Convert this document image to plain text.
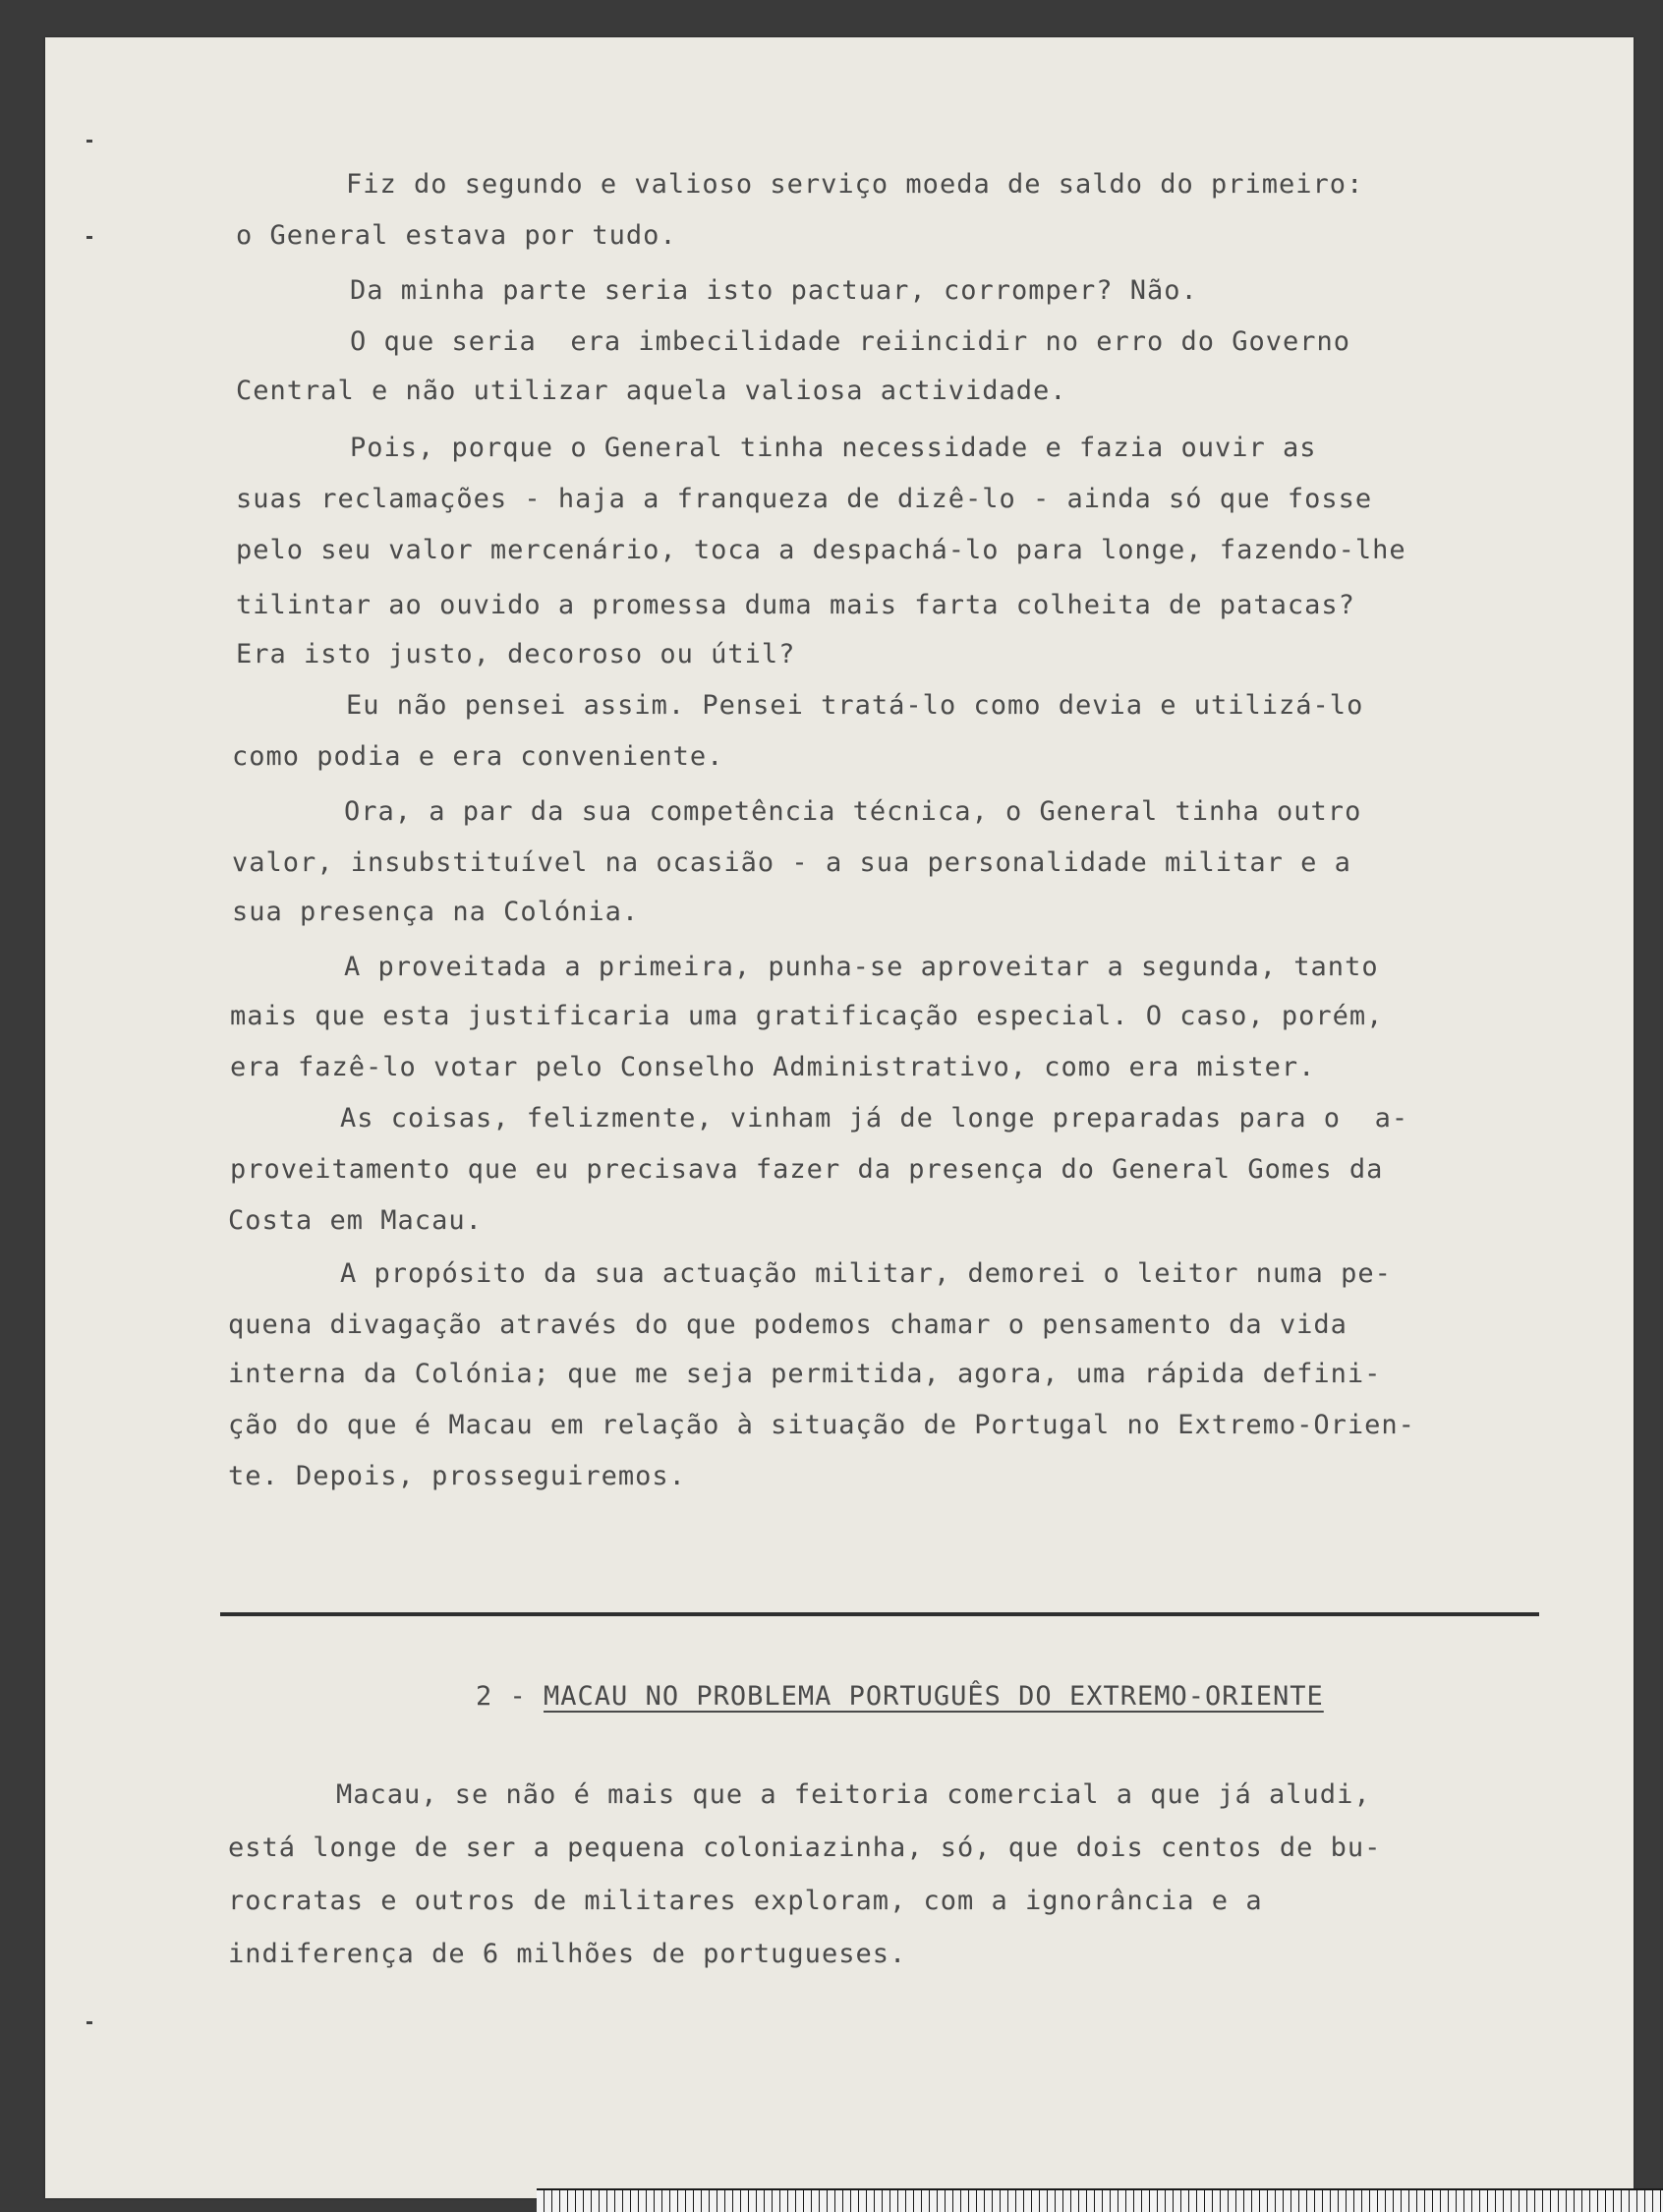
Fiz do segundo e valioso serviço moeda de saldo do primeiro:
o General estava por tudo.
Da minha parte seria isto pactuar, corromper? Não.
O que seria  era imbecilidade reiincidir no erro do Governo
Central e não utilizar aquela valiosa actividade.
Pois, porque o General tinha necessidade e fazia ouvir as
suas reclamações - haja a franqueza de dizê-lo - ainda só que fosse
pelo seu valor mercenário, toca a despachá-lo para longe, fazendo-lhe
tilintar ao ouvido a promessa duma mais farta colheita de patacas?
Era isto justo, decoroso ou útil?
Eu não pensei assim. Pensei tratá-lo como devia e utilizá-lo
como podia e era conveniente.
Ora, a par da sua competência técnica, o General tinha outro
valor, insubstituível na ocasião - a sua personalidade militar e a
sua presença na Colónia.
A proveitada a primeira, punha-se aproveitar a segunda, tanto
mais que esta justificaria uma gratificação especial. O caso, porém,
era fazê-lo votar pelo Conselho Administrativo, como era mister.
As coisas, felizmente, vinham já de longe preparadas para o  a-
proveitamento que eu precisava fazer da presença do General Gomes da
Costa em Macau.
A propósito da sua actuação militar, demorei o leitor numa pe-
quena divagação através do que podemos chamar o pensamento da vida
interna da Colónia; que me seja permitida, agora, uma rápida defini-
ção do que é Macau em relação à situação de Portugal no Extremo-Orien-
te. Depois, prosseguiremos.
2 - MACAU NO PROBLEMA PORTUGUÊS DO EXTREMO-ORIENTE
Macau, se não é mais que a feitoria comercial a que já aludi,
está longe de ser a pequena coloniazinha, só, que dois centos de bu-
rocratas e outros de militares exploram, com a ignorância e a
indiferença de 6 milhões de portugueses.
